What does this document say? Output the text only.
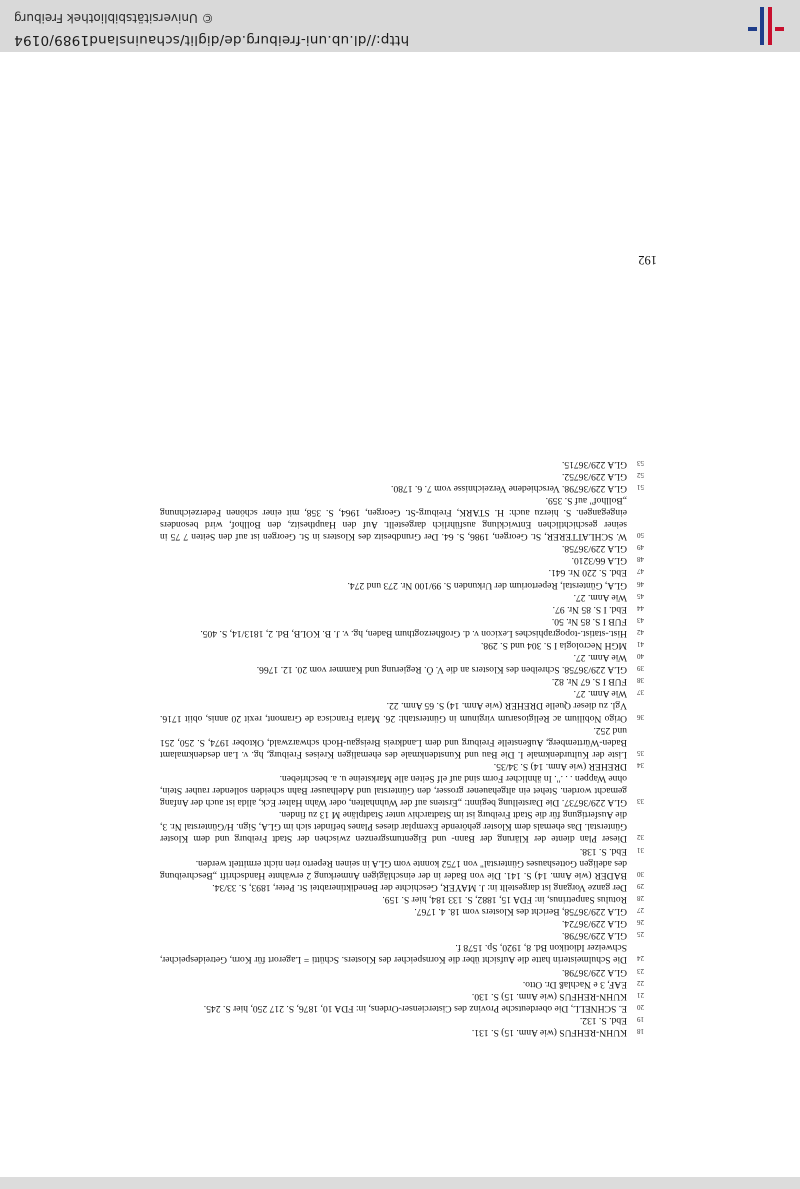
18
KUHN-REHFUS (wie Anm. 15) S. 131.
19
Ebd. S. 132.
20
E. SCHNELL, Die oberdeutsche Provinz des Cistercienser-Ordens, in: FDA 10, 1876, S. 217 250, hier S. 245.
21
KUHN-REHFUS (wie Anm. 15) S. 130.
22
EAF, 3 e Nachlaß Dr. Otto.
23
GLA 229/36798.
24
Die Schulmeisterin hatte die Aufsicht über die Kornspeicher des Klosters. Schütti = Lagerort für Korn, Getreidespeicher, Schweizer Idiotikon Bd. 8, 1920, Sp. 1578 f.
25
GLA 229/36798.
26
GLA 229/36724.
27
GLA 229/36758, Bericht des Klosters vom 18. 4. 1767.
28
Rotulus Sanpetrinus, in: FDA 15, 1882, S. 133 184, hier S. 159.
29
Der ganze Vorgang ist dargestellt in: J. MAYER, Geschichte der Benediktinerabtei St. Peter, 1893, S. 33/34.
30
BADER (wie Anm. 14) S. 141. Die von Bader in der einschlägigen Anmerkung 2 erwähnte Handschrift „Beschreibung des adeligen Gotteshauses Günterstal" von 1752 konnte vom GLA in seinen Reperto rien nicht ermittelt werden.
31
Ebd. S. 138.
32
Dieser Plan diente der Klärung der Bann- und Eigentumsgrenzen zwischen der Stadt Freiburg und dem Kloster Günterstal. Das ehemals dem Kloster gehörende Exemplar dieses Planes befindet sich im GLA, Sign. H/Günterstal Nr. 3, die Ausfertigung für die Stadt Freiburg ist im Stadtarchiv unter Stadtpläne M 13 zu finden.
33
GLA 229/36737. Die Darstellung beginnt: „Erstens auf der Wuhnhalten, oder Wahn Halter Eck, allda ist auch der Anfang gemacht worden. Stehet ein altgehauener grosser, den Günterstal und Adelhauser Bahn scheiden sollender rauher Stein, ohne Wappen . . .". In ähnlicher Form sind auf elf Seiten alle Marksteine u. a. beschrieben.
34
DREHER (wie Anm. 14) S. 34/35.
35
Liste der Kulturdenkmale I. Die Bau und Kunstdenkmale des ehemaligen Kreises Freiburg, hg. v. Lan desdenkmalamt Baden-Württemberg, Außenstelle Freiburg und dem Landkreis Breisgau-Hoch schwarzwald, Oktober 1974, S. 250, 251 und 252.
36
Origo Nobilium ac Religiosarum virginum in Günterstahl: 26. Maria Francisca de Gramont, rexit 20 annis, obiit 1716. Vgl. zu dieser Quelle DREHER (wie Anm. 14) S. 65 Anm. 22.
37
Wie Anm. 27.
38
FUB I S. 67 Nr. 82.
39
GLA 229/36758. Schreiben des Klosters an die V. Ö. Regierung und Kammer vom 20. 12. 1766.
40
Wie Anm. 27.
41
MGH Necrologia I S. 304 und S. 298.
42
Hist.-statist.-topographisches Lexicon v. d. Großherzogthum Baden, hg. v. J. B. KOLB, Bd. 2, 1813/14, S. 405.
43
FUB I S. 85 Nr. 50.
44
Ebd. I S. 85 Nr. 97.
45
Wie Anm. 27.
46
GLA, Günterstal, Repertorium der Urkunden S. 99/100 Nr. 273 und 274.
47
Ebd. S. 220 Nr. 641.
48
GLA 66/3210.
49
GLA 229/36758.
50
W. SCHLATTERER, St. Georgen, 1986, S. 64. Der Grundbesitz des Klosters in St. Georgen ist auf den Seiten 7 75 in seiner geschichtlichen Entwicklung ausführlich dargestellt. Auf den Haupthesitz, den Bollhof, wird besonders eingegangen. S. hierzu auch: H. STARK, Freiburg-St. Georgen, 1964, S. 358, mit einer schönen Federzeichnung „Bollhof" auf S. 359.
51
GLA 229/36798. Verschiedene Verzeichnisse vom 7. 6. 1780.
52
GLA 229/36752.
53
GLA 229/36715.
192
http://dl.ub.uni-freiburg.de/diglit/schauinsland1989/0194
© Universitätsbibliothek Freiburg
